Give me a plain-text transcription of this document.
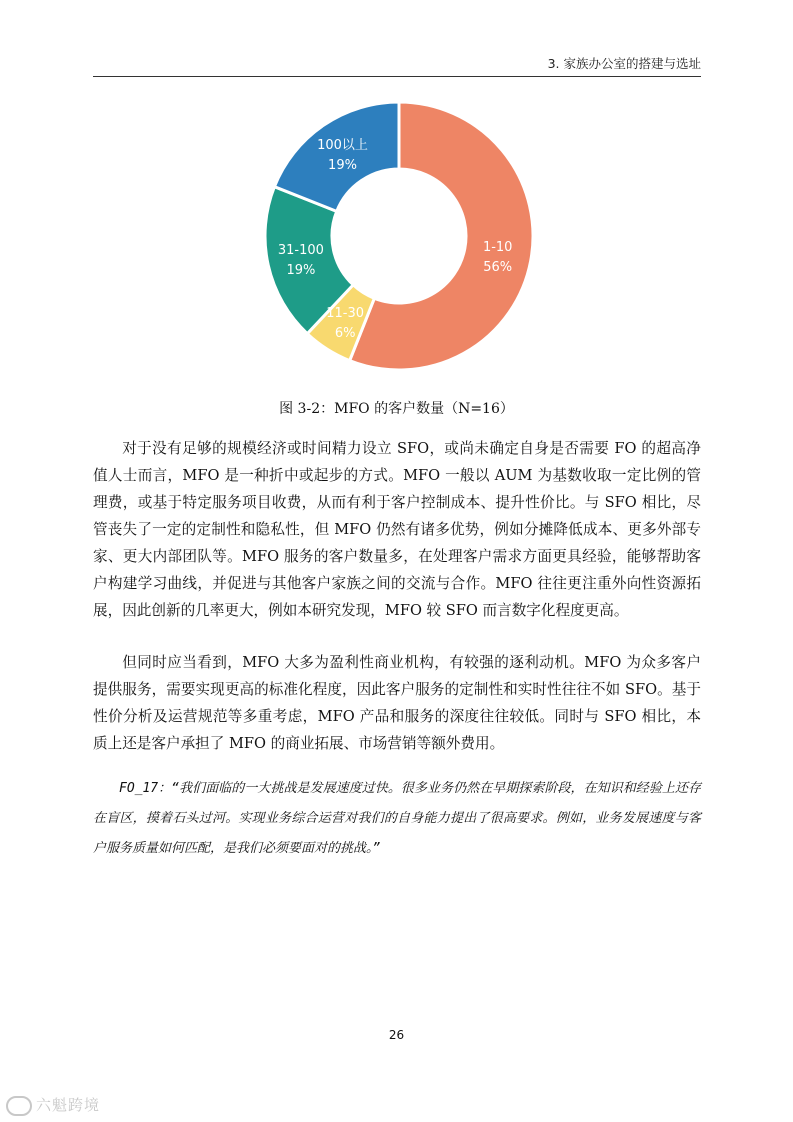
3. 家族办公室的搭建与选址
1-10
56%
11-30
6%
31-100
19%
100以上
19%
图 3-2：MFO 的客户数量（N=16）

对于没有足够的规模经济或时间精力设立 SFO，或尚未确定自身是否需要 FO 的超高净值人士而言，MFO 是一种折中或起步的方式。MFO 一般以 AUM 为基数收取一定比例的管理费，或基于特定服务项目收费，从而有利于客户控制成本、提升性价比。与 SFO 相比，尽管丧失了一定的定制性和隐私性，但 MFO 仍然有诸多优势，例如分摊降低成本、更多外部专家、更大内部团队等。MFO 服务的客户数量多，在处理客户需求方面更具经验，能够帮助客户构建学习曲线，并促进与其他客户家族之间的交流与合作。MFO 往往更注重外向性资源拓展，因此创新的几率更大，例如本研究发现，MFO 较 SFO 而言数字化程度更高。

但同时应当看到，MFO 大多为盈利性商业机构，有较强的逐利动机。MFO 为众多客户提供服务，需要实现更高的标准化程度，因此客户服务的定制性和实时性往往不如 SFO。基于性价分析及运营规范等多重考虑，MFO 产品和服务的深度往往较低。同时与 SFO 相比，本质上还是客户承担了 MFO 的商业拓展、市场营销等额外费用。

FO_17：“我们面临的一大挑战是发展速度过快。很多业务仍然在早期探索阶段，在知识和经验上还存在盲区，摸着石头过河。实现业务综合运营对我们的自身能力提出了很高要求。例如，业务发展速度与客户服务质量如何匹配，是我们必须要面对的挑战。”

26
六魁跨境
